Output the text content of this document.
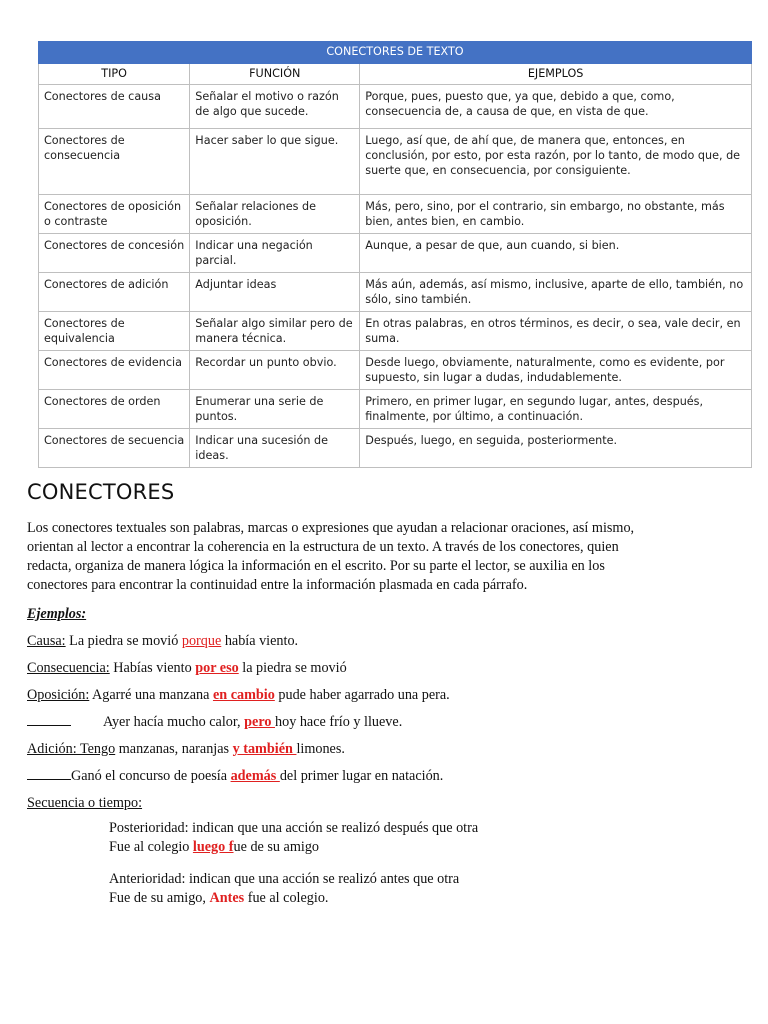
CONECTORES DE TEXTO		
TIPO	FUNCIÓN	EJEMPLOS
Conectores de causa	Señalar el motivo o razón de algo que sucede.	Porque, pues, puesto que, ya que, debido a que, como, consecuencia de, a causa de que, en vista de que.
Conectores de consecuencia	Hacer saber lo que sigue.	Luego, así que, de ahí que, de manera que, entonces, en conclusión, por esto, por esta razón, por lo tanto, de modo que, de suerte que, en consecuencia, por consiguiente.
Conectores de oposición o contraste	Señalar relaciones de oposición.	Más, pero, sino, por el contrario, sin embargo, no obstante, más bien, antes bien, en cambio.
Conectores de concesión	Indicar una negación parcial.	Aunque, a pesar de que, aun cuando, si bien.
Conectores de adición	Adjuntar ideas	Más aún, además, así mismo, inclusive, aparte de ello, también, no sólo, sino también.
Conectores de equivalencia	Señalar algo similar pero de manera técnica.	En otras palabras, en otros términos, es decir, o sea, vale decir, en suma.
Conectores de evidencia	Recordar un punto obvio.	Desde luego, obviamente, naturalmente, como es evidente, por supuesto, sin lugar a dudas, indudablemente.
Conectores de orden	Enumerar una serie de puntos.	Primero, en primer lugar, en segundo lugar, antes, después, finalmente, por último, a continuación.
Conectores de secuencia	Indicar una sucesión de ideas.	Después, luego, en seguida, posteriormente.
CONECTORES

Los conectores textuales son palabras, marcas o expresiones que ayudan a relacionar oraciones, así mismo, orientan al lector a encontrar la coherencia en la estructura de un texto. A través de los conectores, quien redacta, organiza de manera lógica la información en el escrito. Por su parte el lector, se auxilia en los conectores para encontrar la continuidad entre la información plasmada en cada párrafo.

Ejemplos:

Causa: La piedra se movió porque había viento.

Consecuencia: Habías viento por eso la piedra se movió

Oposición: Agarré una manzana en cambio pude haber agarrado una pera.

Ayer hacía mucho calor, pero hoy hace frío y llueve.

Adición: Tengo manzanas, naranjas y también limones.

Ganó el concurso de poesía además del primer lugar en natación.

Secuencia o tiempo:

Posterioridad: indican que una acción se realizó después que otra
Fue al colegio luego fue de su amigo
Anterioridad: indican que una acción se realizó antes que otra
Fue de su amigo, Antes fue al colegio.
